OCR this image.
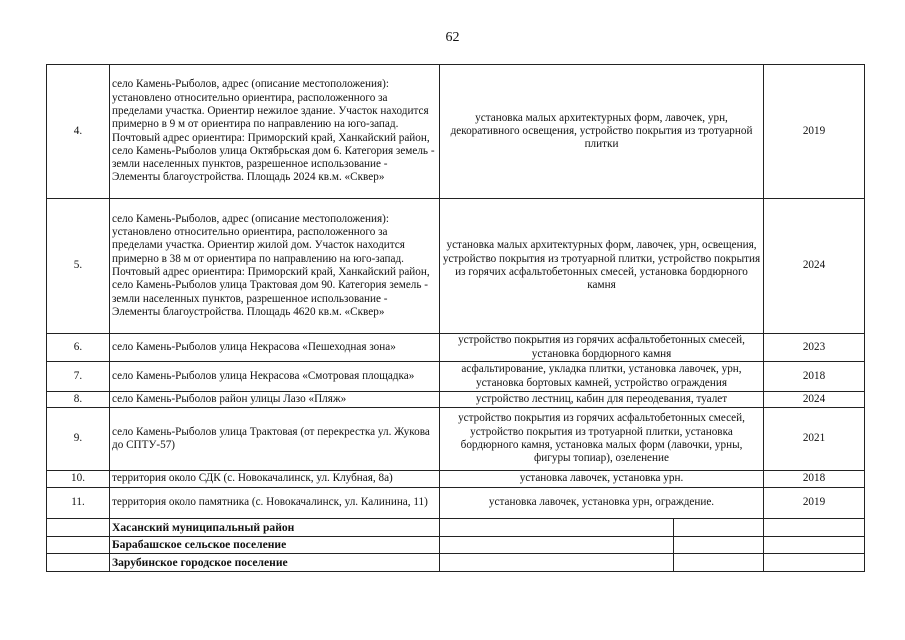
62
4.	село Камень-Рыболов, адрес (описание местоположения): установлено относительно ориентира, расположенного за пределами участка. Ориентир нежилое здание. Участок находится примерно в 9 м от ориентира по направлению на юго-запад. Почтовый адрес ориентира: Приморский край, Ханкайский район, село Камень-Рыболов улица Октябрьская дом 6. Категория земель - земли населенных пунктов, разрешенное использование - Элементы благоустройства. Площадь 2024 кв.м. «Сквер»	установка малых архитектурных форм, лавочек, урн, декоративного освещения, устройство покрытия из тротуарной плитки		2019
5.	село Камень-Рыболов, адрес (описание местоположения): установлено относительно ориентира, расположенного за пределами участка. Ориентир жилой дом. Участок находится примерно в 38 м от ориентира по направлению на юго-запад. Почтовый адрес ориентира: Приморский край, Ханкайский район, село Камень-Рыболов улица Трактовая дом 90. Категория земель - земли населенных пунктов, разрешенное использование - Элементы благоустройства. Площадь 4620 кв.м. «Сквер»	установка малых архитектурных форм, лавочек, урн, освещения, устройство покрытия из тротуарной плитки, устройство покрытия из горячих асфальтобетонных смесей, установка бордюрного камня		2024
6.	село Камень-Рыболов улица Некрасова «Пешеходная зона»	устройство покрытия из горячих асфальтобетонных смесей, установка бордюрного камня		2023
7.	село Камень-Рыболов улица Некрасова «Смотровая площадка»	асфальтирование, укладка плитки, установка лавочек, урн, установка бортовых камней, устройство ограждения		2018
8.	село Камень-Рыболов район улицы Лазо «Пляж»	устройство лестниц, кабин для переодевания, туалет		2024
9.	село Камень-Рыболов улица Трактовая (от перекрестка ул. Жукова до СПТУ-57)	устройство покрытия из горячих асфальтобетонных смесей, устройство покрытия из тротуарной плитки, установка бордюрного камня, установка малых форм (лавочки, урны, фигуры топиар), озеленение		2021
10.	территория около СДК (с. Новокачалинск, ул. Клубная, 8а)	установка лавочек, установка урн.		2018
11.	территория около памятника (с. Новокачалинск, ул. Калинина, 11)	установка лавочек, установка урн, ограждение.		2019
	Хасанский муниципальный район			
	Барабашское сельское поселение			
	Зарубинское городское поселение			
